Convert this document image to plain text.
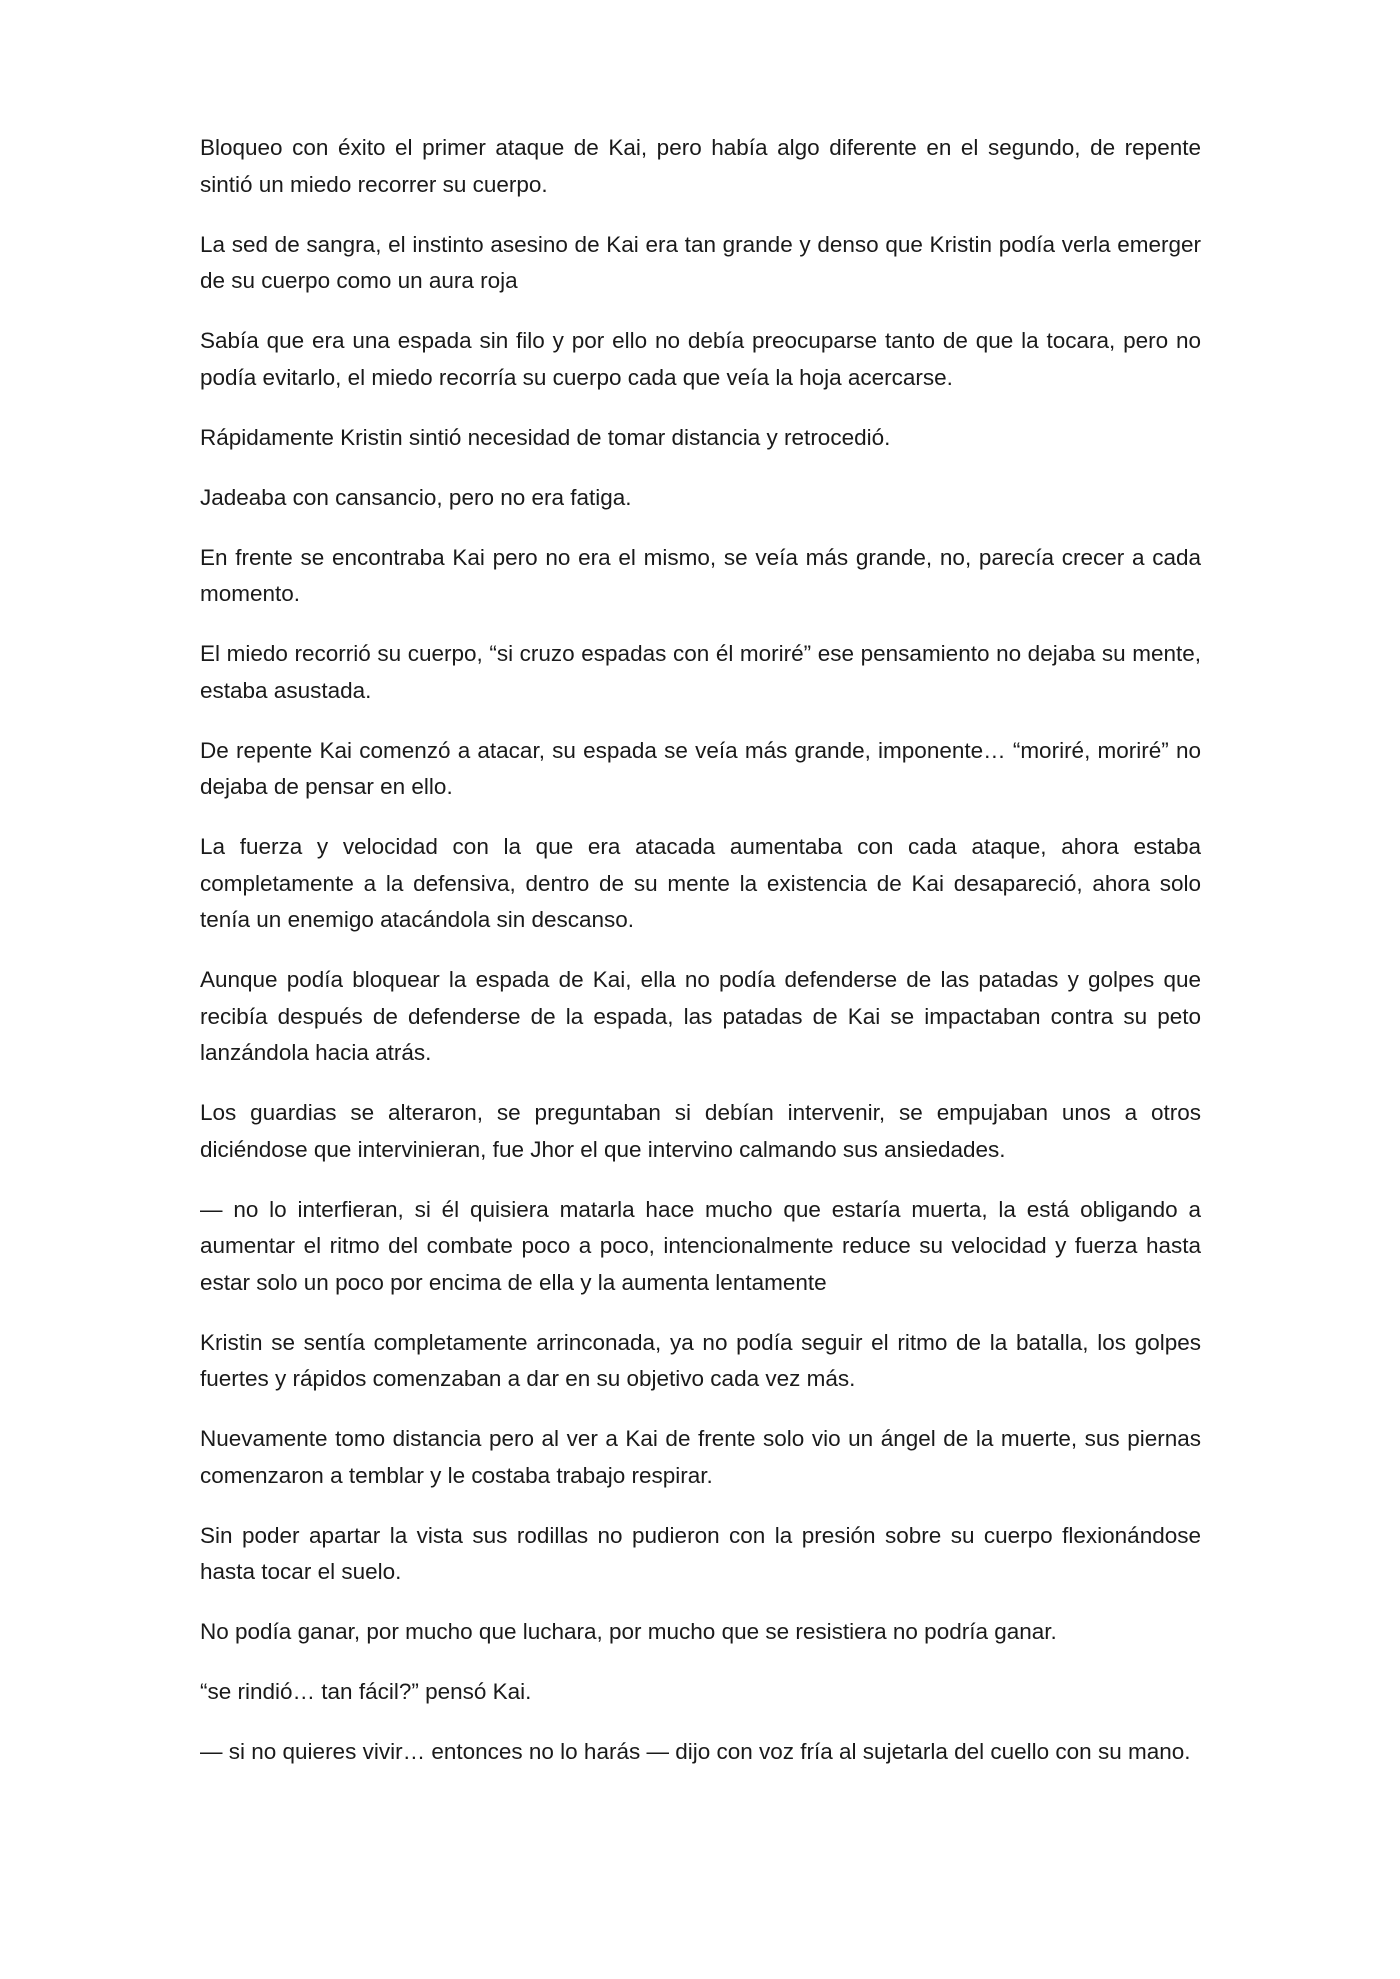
Bloqueo con éxito el primer ataque de Kai, pero había algo diferente en el segundo, de repente sintió un miedo recorrer su cuerpo.

La sed de sangra, el instinto asesino de Kai era tan grande y denso que Kristin podía verla emerger de su cuerpo como un aura roja

Sabía que era una espada sin filo y por ello no debía preocuparse tanto de que la tocara, pero no podía evitarlo, el miedo recorría su cuerpo cada que veía la hoja acercarse.

Rápidamente Kristin sintió necesidad de tomar distancia y retrocedió.

Jadeaba con cansancio, pero no era fatiga.

En frente se encontraba Kai pero no era el mismo, se veía más grande, no, parecía crecer a cada momento.

El miedo recorrió su cuerpo, “si cruzo espadas con él moriré” ese pensamiento no dejaba su mente, estaba asustada.

De repente Kai comenzó a atacar, su espada se veía más grande, imponente… “moriré, moriré” no dejaba de pensar en ello.

La fuerza y velocidad con la que era atacada aumentaba con cada ataque, ahora estaba completamente a la defensiva, dentro de su mente la existencia de Kai desapareció, ahora solo tenía un enemigo atacándola sin descanso.

Aunque podía bloquear la espada de Kai, ella no podía defenderse de las patadas y golpes que recibía después de defenderse de la espada, las patadas de Kai se impactaban contra su peto lanzándola hacia atrás.

Los guardias se alteraron, se preguntaban si debían intervenir, se empujaban unos a otros diciéndose que intervinieran, fue Jhor el que intervino calmando sus ansiedades.

— no lo interfieran, si él quisiera matarla hace mucho que estaría muerta, la está obligando a aumentar el ritmo del combate poco a poco, intencionalmente reduce su velocidad y fuerza hasta estar solo un poco por encima de ella y la aumenta lentamente

Kristin se sentía completamente arrinconada, ya no podía seguir el ritmo de la batalla, los golpes fuertes y rápidos comenzaban a dar en su objetivo cada vez más.

Nuevamente tomo distancia pero al ver a Kai de frente solo vio un ángel de la muerte, sus piernas comenzaron a temblar y le costaba trabajo respirar.

Sin poder apartar la vista sus rodillas no pudieron con la presión sobre su cuerpo flexionándose hasta tocar el suelo.

No podía ganar, por mucho que luchara, por mucho que se resistiera no podría ganar.

“se rindió… tan fácil?” pensó Kai.

— si no quieres vivir… entonces no lo harás — dijo con voz fría al sujetarla del cuello con su mano.
